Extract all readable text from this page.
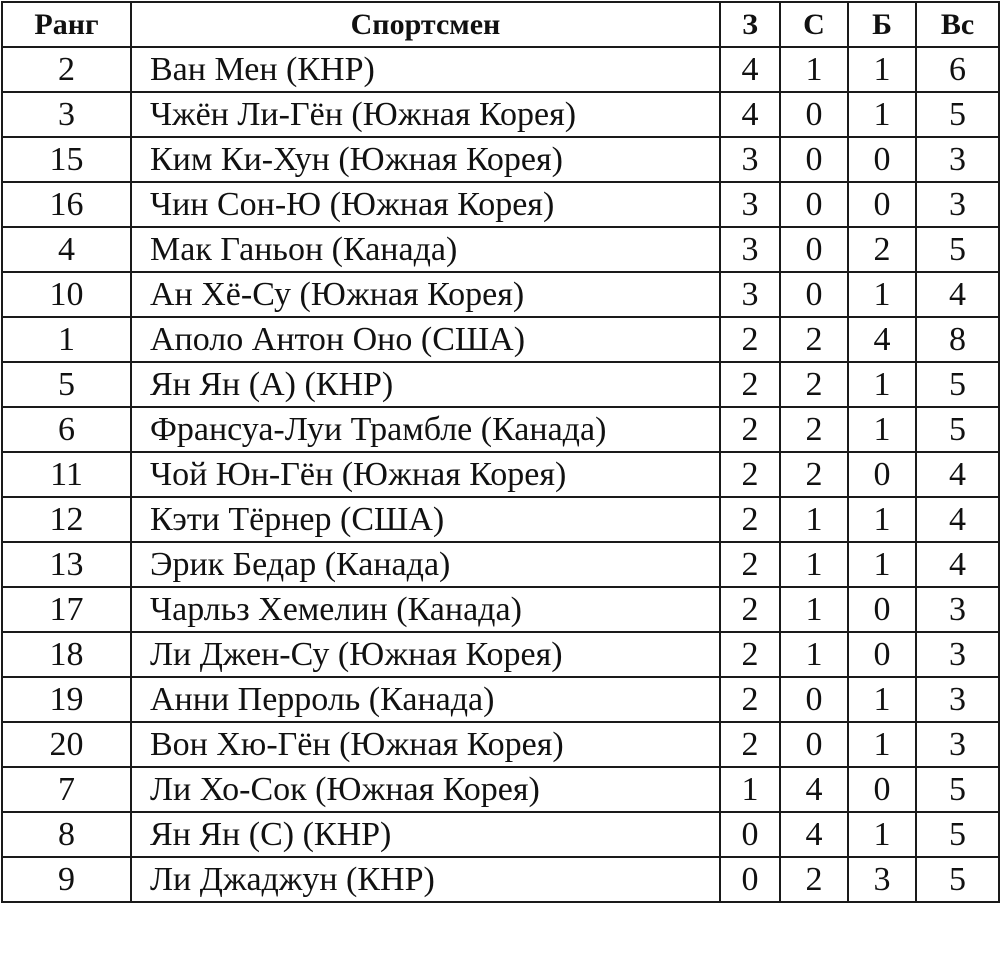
Ранг	Спортсмен	З	С	Б	Вс
2	Ван Мен (КНР)	4	1	1	6
3	Чжён Ли-Гён (Южная Корея)	4	0	1	5
15	Ким Ки-Хун (Южная Корея)	3	0	0	3
16	Чин Сон-Ю (Южная Корея)	3	0	0	3
4	Мак Ганьон (Канада)	3	0	2	5
10	Ан Хё-Су (Южная Корея)	3	0	1	4
1	Аполо Антон Оно (США)	2	2	4	8
5	Ян Ян (А) (КНР)	2	2	1	5
6	Франсуа-Луи Трамбле (Канада)	2	2	1	5
11	Чой Юн-Гён (Южная Корея)	2	2	0	4
12	Кэти Тёрнер (США)	2	1	1	4
13	Эрик Бедар (Канада)	2	1	1	4
17	Чарльз Хемелин (Канада)	2	1	0	3
18	Ли Джен-Су (Южная Корея)	2	1	0	3
19	Анни Перроль (Канада)	2	0	1	3
20	Вон Хю-Гён (Южная Корея)	2	0	1	3
7	Ли Хо-Сок (Южная Корея)	1	4	0	5
8	Ян Ян (С) (КНР)	0	4	1	5
9	Ли Джаджун (КНР)	0	2	3	5
